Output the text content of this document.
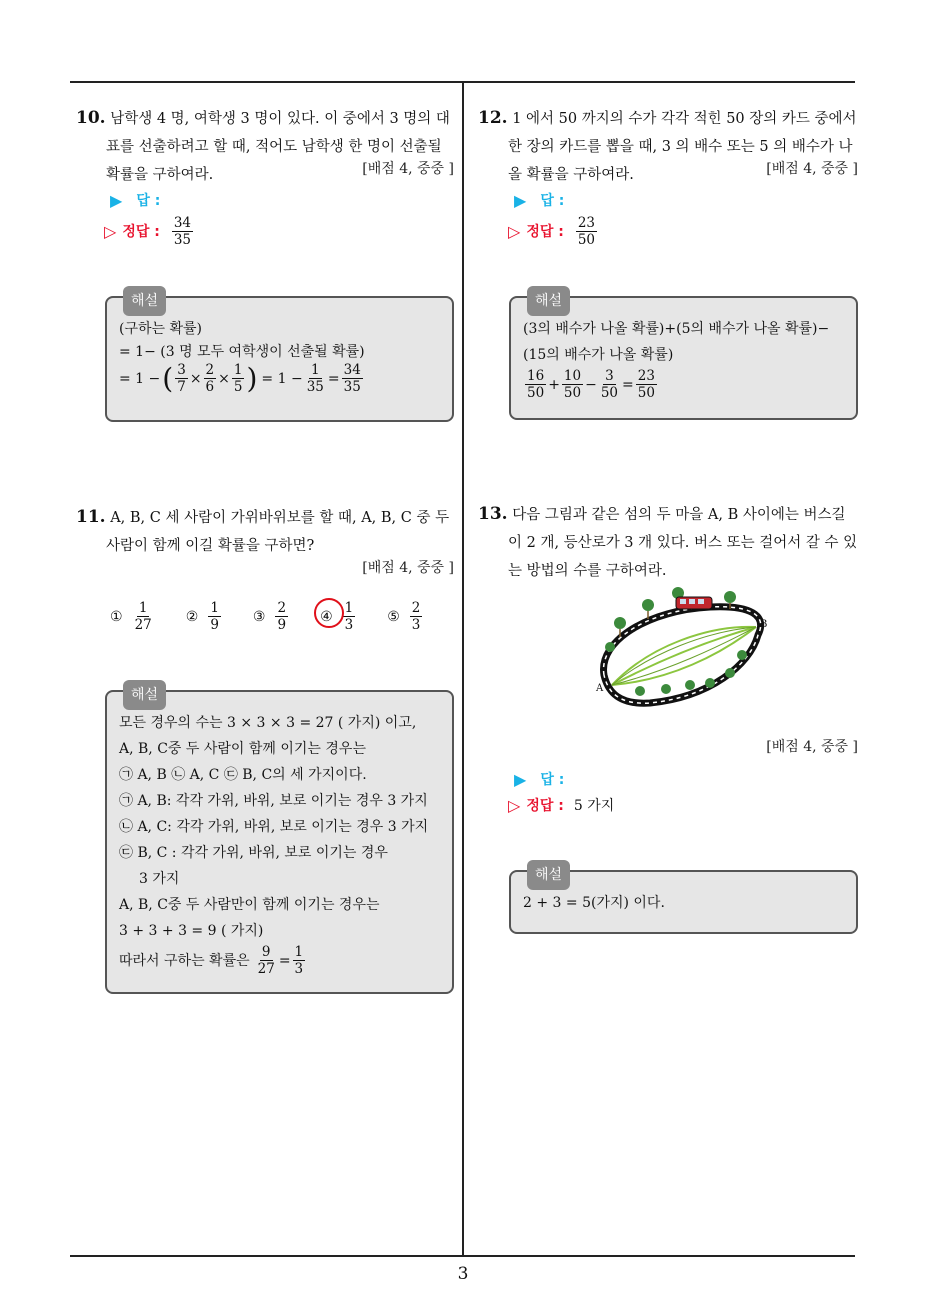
10. 남학생 4 명, 여학생 3 명이 있다. 이 중에서 3 명의 대표를 선출하려고 할 때, 적어도 남학생 한 명이 선출될 확률을 구하여라.	[배점 4, 중중 ]
▶ 답 :
▷ 정답 : $\frac{34}{35}$
해설
(구하는 확률)
= 1− (3 명 모두 여학생이 선출될 확률)
= 1 − ( $\frac{3}{7} \times \frac{2}{6} \times \frac{1}{5}$ ) = $1 - \frac{1}{35} = \frac{34}{35}$
11. A, B, C 세 사람이 가위바위보를 할 때, A, B, C 중 두 사람이 함께 이길 확률을 구하면?
[배점 4, 중중 ]
① $\frac{1}{27}$ ② $\frac{1}{9}$ ③ $\frac{2}{9}$ ④ $\frac{1}{3}$ ⑤ $\frac{2}{3}$
해설
모든 경우의 수는 3 × 3 × 3 = 27 ( 가지) 이고,
A, B, C중 두 사람이 함께 이기는 경우는
㉠ A, B ㉡ A, C ㉢ B, C의 세 가지이다.
㉠ A, B: 각각 가위, 바위, 보로 이기는 경우 3 가지
㉡ A, C: 각각 가위, 바위, 보로 이기는 경우 3 가지
㉢ B, C : 각각 가위, 바위, 보로 이기는 경우
3 가지
A, B, C중 두 사람만이 함께 이기는 경우는
3 + 3 + 3 = 9 ( 가지)
따라서 구하는 확률은 $\frac{9}{27} = \frac{1}{3}$
12. 1 에서 50 까지의 수가 각각 적힌 50 장의 카드 중에서 한 장의 카드를 뽑을 때, 3 의 배수 또는 5 의 배수가 나올 확률을 구하여라.	[배점 4, 중중 ]
▶ 답 :
▷ 정답 : $\frac{23}{50}$
해설
(3의 배수가 나올 확률)+(5의 배수가 나올 확률)−
(15의 배수가 나올 확률)
$\frac{16}{50} + \frac{10}{50} - \frac{3}{50} = \frac{23}{50}$
13. 다음 그림과 같은 섬의 두 마을 A, B 사이에는 버스길이 2 개, 등산로가 3 개 있다. 버스 또는 걸어서 갈 수 있는 방법의 수를 구하여라.
A
B
[배점 4, 중중 ]
▶ 답 :
▷ 정답 : 5 가지
해설
2 + 3 = 5(가지) 이다.
3
